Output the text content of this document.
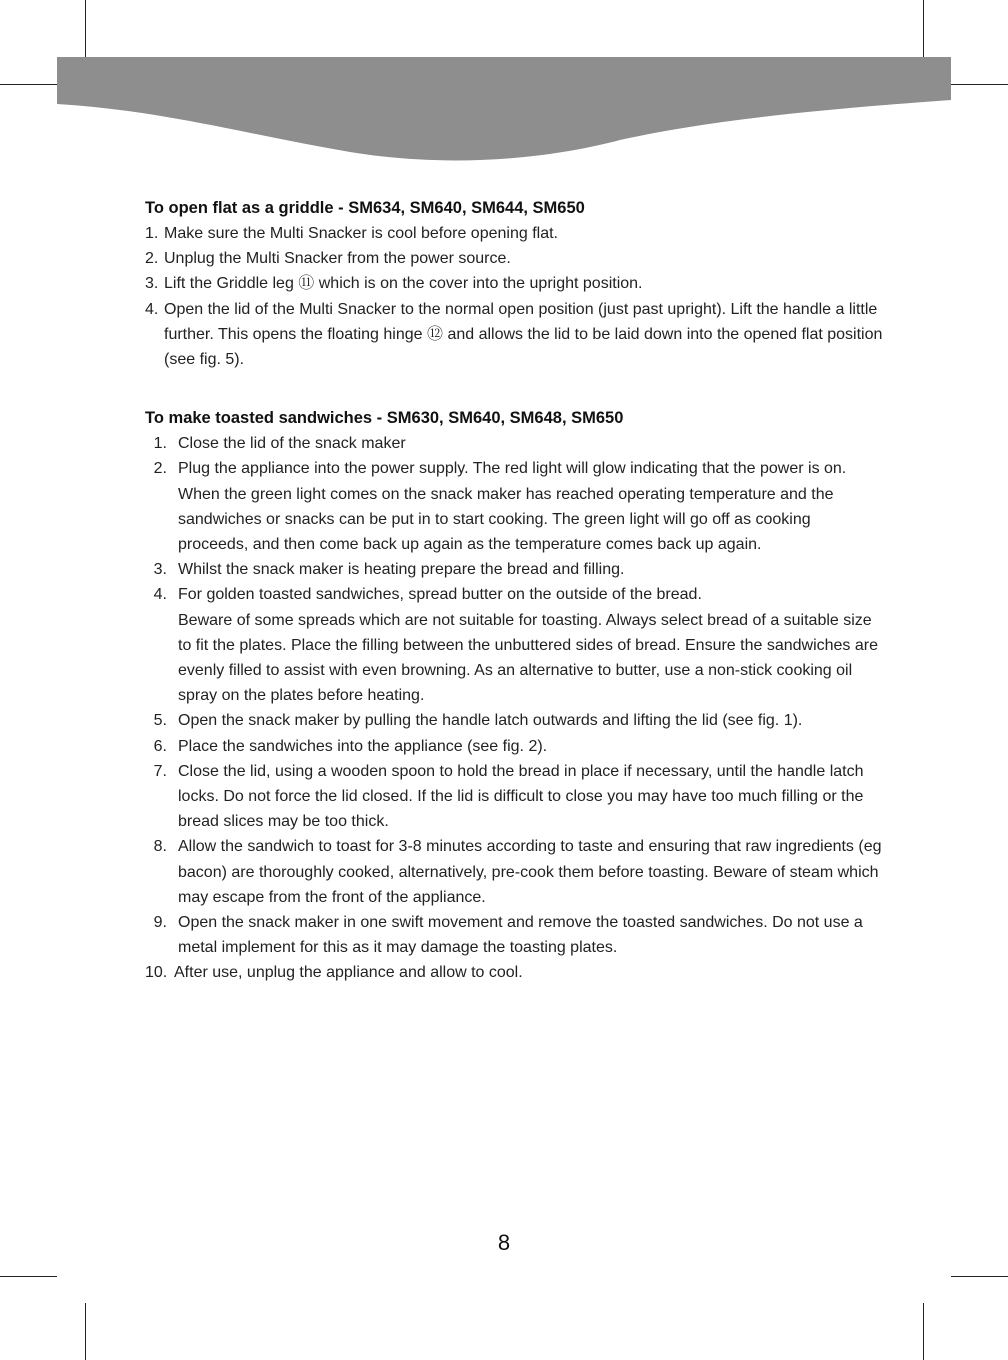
To open flat as a griddle - SM634, SM640, SM644, SM650
1. Make sure the Multi Snacker is cool before opening flat.
2. Unplug the Multi Snacker from the power source.
3. Lift the Griddle leg ⑪ which is on the cover into the upright position.
4. Open the lid of the Multi Snacker to the normal open position (just past upright). Lift the handle a little further. This opens the floating hinge ⑫ and allows the lid to be laid down into the opened flat position (see fig. 5).
To make toasted sandwiches - SM630, SM640, SM648, SM650
1. Close the lid of the snack maker
2. Plug the appliance into the power supply. The red light will glow indicating that the power is on. When the green light comes on the snack maker has reached operating temperature and the sandwiches or snacks can be put in to start cooking. The green light will go off as cooking proceeds, and then come back up again as the temperature comes back up again.
3. Whilst the snack maker is heating prepare the bread and filling.
4. For golden toasted sandwiches, spread butter on the outside of the bread.
Beware of some spreads which are not suitable for toasting. Always select bread of a suitable size to fit the plates. Place the filling between the unbuttered sides of bread. Ensure the sandwiches are evenly filled to assist with even browning. As an alternative to butter, use a non-stick cooking oil spray on the plates before heating.
5. Open the snack maker by pulling the handle latch outwards and lifting the lid (see fig. 1).
6. Place the sandwiches into the appliance (see fig. 2).
7. Close the lid, using a wooden spoon to hold the bread in place if necessary, until the handle latch locks. Do not force the lid closed. If the lid is difficult to close you may have too much filling or the bread slices may be too thick.
8. Allow the sandwich to toast for 3-8 minutes according to taste and ensuring that raw ingredients (eg bacon) are thoroughly cooked, alternatively, pre-cook them before toasting. Beware of steam which may escape from the front of the appliance.
9. Open the snack maker in one swift movement and remove the toasted sandwiches. Do not use a metal implement for this as it may damage the toasting plates.
10. After use, unplug the appliance and allow to cool.
8
